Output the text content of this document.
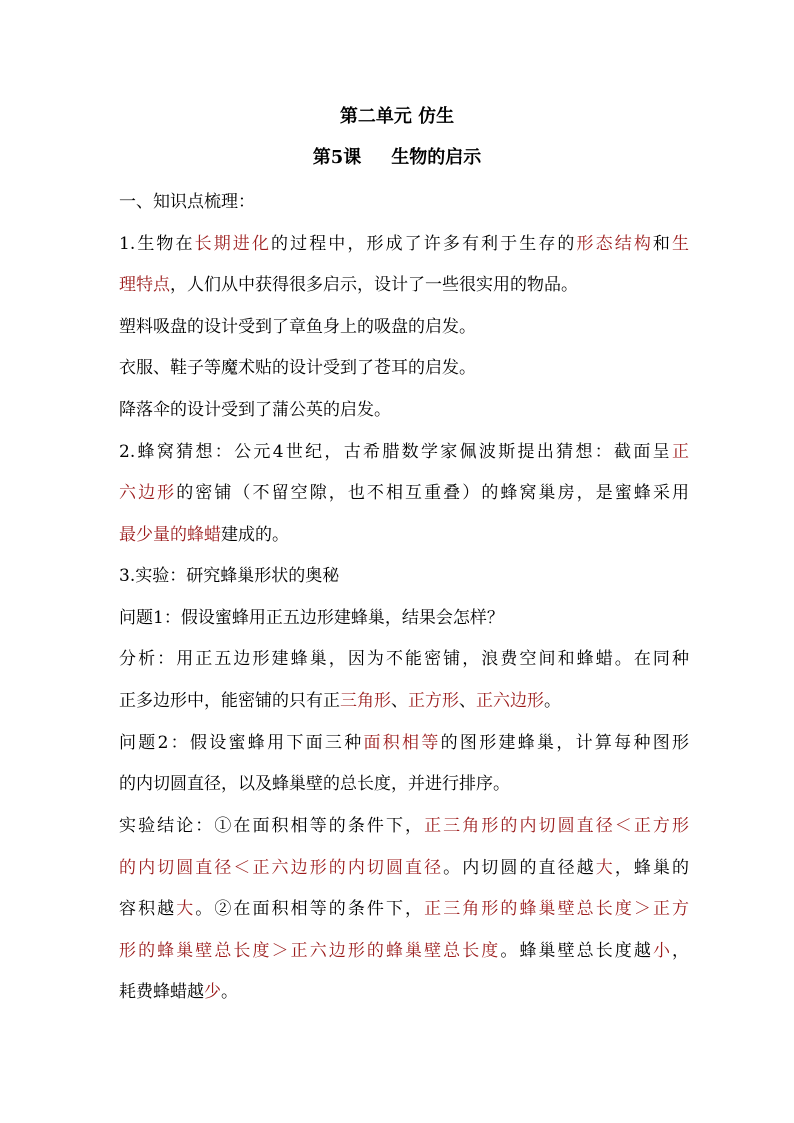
第二单元 仿生
第5课 生物的启示
一、知识点梳理：
1.生物在长期进化的过程中，形成了许多有利于生存的形态结构和生
理特点，人们从中获得很多启示，设计了一些很实用的物品。
塑料吸盘的设计受到了章鱼身上的吸盘的启发。
衣服、鞋子等魔术贴的设计受到了苍耳的启发。
降落伞的设计受到了蒲公英的启发。
2.蜂窝猜想：公元4世纪，古希腊数学家佩波斯提出猜想：截面呈正
六边形的密铺（不留空隙，也不相互重叠）的蜂窝巢房，是蜜蜂采用
最少量的蜂蜡建成的。
3.实验：研究蜂巢形状的奥秘
问题1：假设蜜蜂用正五边形建蜂巢，结果会怎样？
分析：用正五边形建蜂巢，因为不能密铺，浪费空间和蜂蜡。在同种
正多边形中，能密铺的只有正三角形、正方形、正六边形。
问题2：假设蜜蜂用下面三种面积相等的图形建蜂巢，计算每种图形
的内切圆直径，以及蜂巢壁的总长度，并进行排序。
实验结论：①在面积相等的条件下，正三角形的内切圆直径＜正方形
的内切圆直径＜正六边形的内切圆直径。内切圆的直径越大，蜂巢的
容积越大。②在面积相等的条件下，正三角形的蜂巢壁总长度＞正方
形的蜂巢壁总长度＞正六边形的蜂巢壁总长度。蜂巢壁总长度越小，
耗费蜂蜡越少。
